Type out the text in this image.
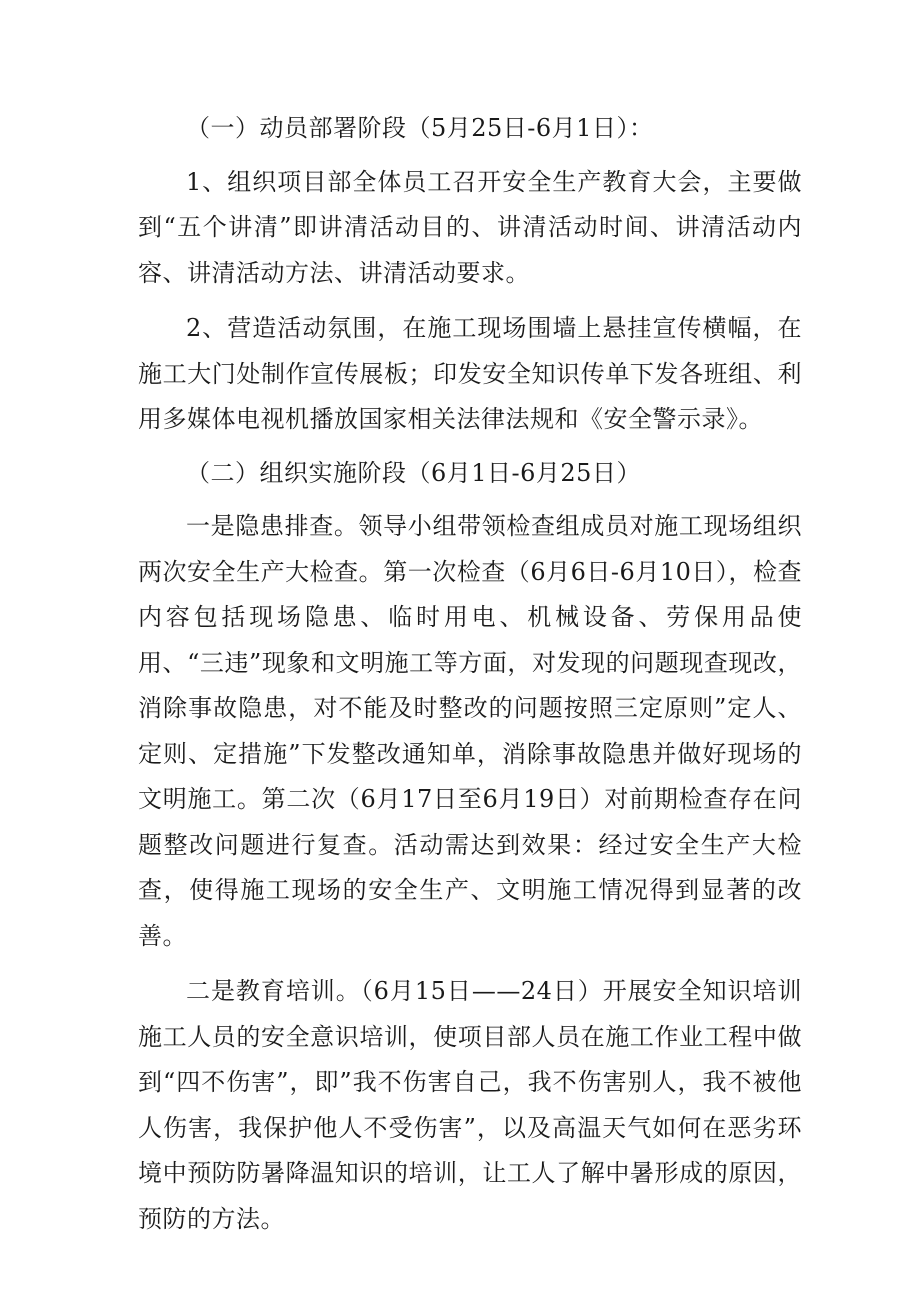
（一）动员部署阶段（5月25日-6月1日）：

1、组织项目部全体员工召开安全生产教育大会，主要做到“五个讲清”即讲清活动目的、讲清活动时间、讲清活动内容、讲清活动方法、讲清活动要求。

2、营造活动氛围，在施工现场围墙上悬挂宣传横幅，在施工大门处制作宣传展板；印发安全知识传单下发各班组、利用多媒体电视机播放国家相关法律法规和《安全警示录》。

（二）组织实施阶段（6月1日-6月25日）

一是隐患排查。领导小组带领检查组成员对施工现场组织两次安全生产大检查。第一次检查（6月6日-6月10日），检查内容包括现场隐患、临时用电、机械设备、劳保用品使用、“三违”现象和文明施工等方面，对发现的问题现查现改，消除事故隐患，对不能及时整改的问题按照三定原则”定人、定则、定措施”下发整改通知单，消除事故隐患并做好现场的文明施工。第二次（6月17日至6月19日）对前期检查存在问题整改问题进行复查。活动需达到效果：经过安全生产大检查，使得施工现场的安全生产、文明施工情况得到显著的改善。

二是教育培训。（6月15日——24日）开展安全知识培训施工人员的安全意识培训，使项目部人员在施工作业工程中做到“四不伤害”，即”我不伤害自己，我不伤害别人，我不被他人伤害，我保护他人不受伤害”，以及高温天气如何在恶劣环境中预防防暑降温知识的培训，让工人了解中暑形成的原因，预防的方法。
